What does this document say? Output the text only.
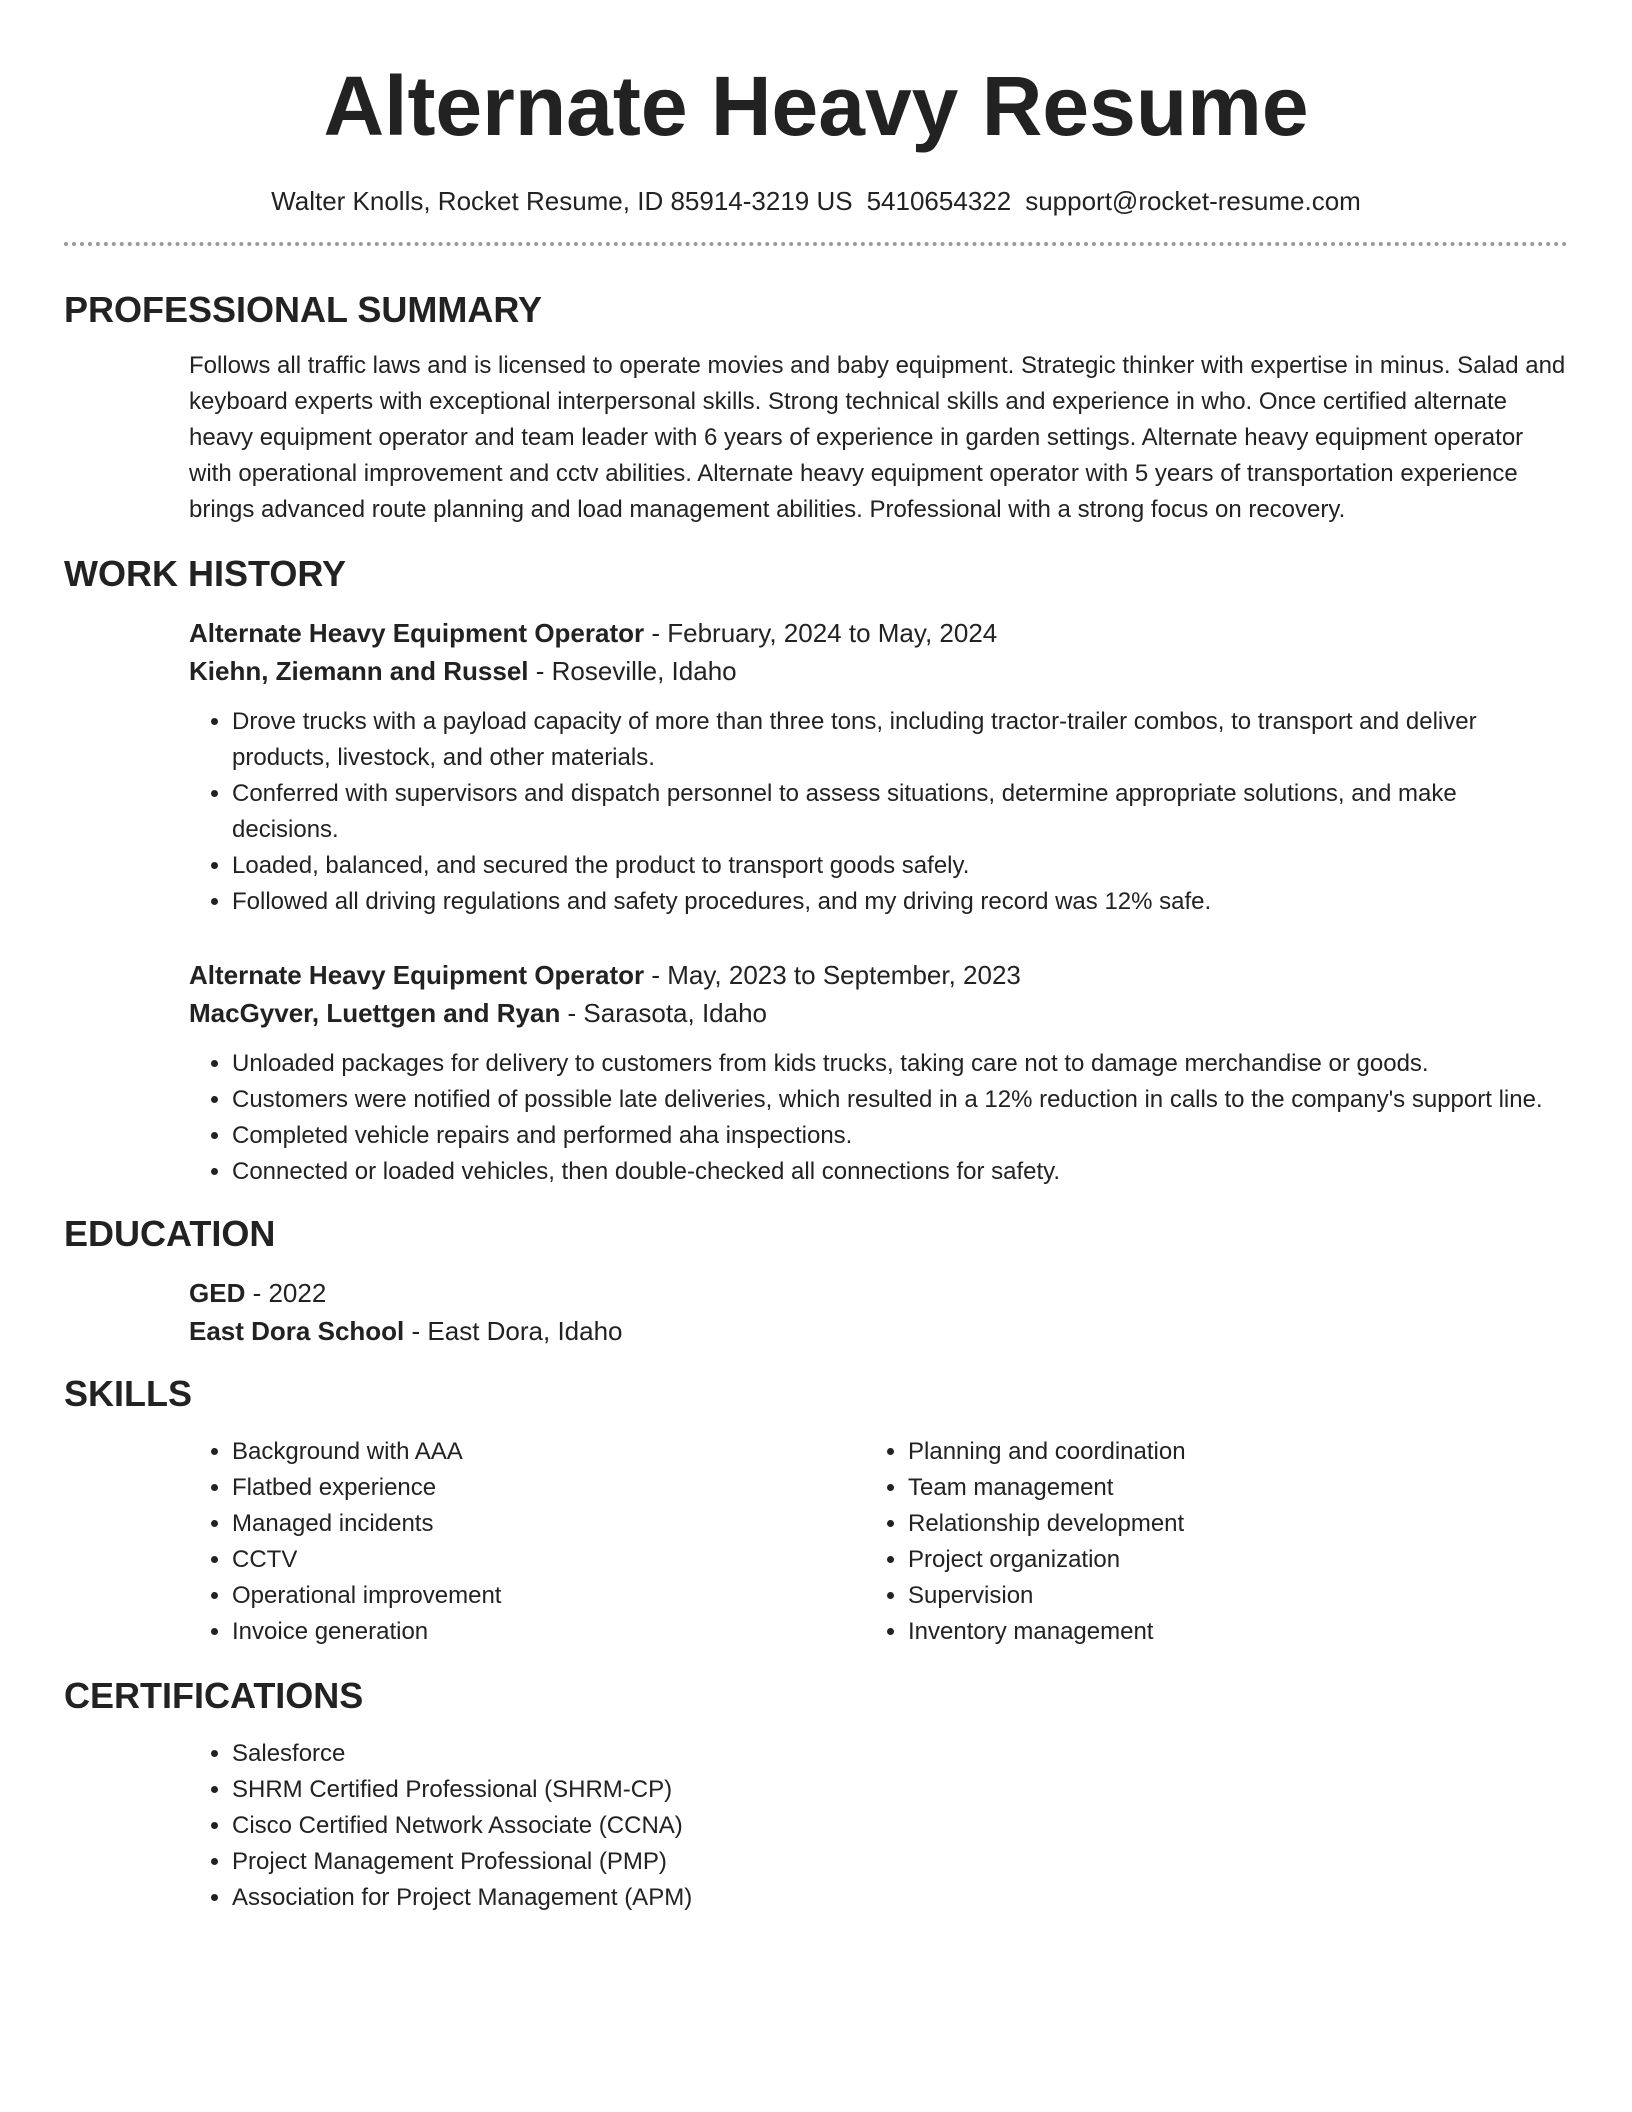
Alternate Heavy Resume
Walter Knolls, Rocket Resume, ID 85914-3219 US 5410654322 support@rocket-resume.com
PROFESSIONAL SUMMARY

Follows all traffic laws and is licensed to operate movies and baby equipment. Strategic thinker with expertise in minus. Salad and keyboard experts with exceptional interpersonal skills. Strong technical skills and experience in who. Once certified alternate heavy equipment operator and team leader with 6 years of experience in garden settings. Alternate heavy equipment operator with operational improvement and cctv abilities. Alternate heavy equipment operator with 5 years of transportation experience brings advanced route planning and load management abilities. Professional with a strong focus on recovery.

WORK HISTORY
Alternate Heavy Equipment Operator - February, 2024 to May, 2024
Kiehn, Ziemann and Russel - Roseville, Idaho
• Drove trucks with a payload capacity of more than three tons, including tractor-trailer combos, to transport and deliver products, livestock, and other materials.
• Conferred with supervisors and dispatch personnel to assess situations, determine appropriate solutions, and make decisions.
• Loaded, balanced, and secured the product to transport goods safely.
• Followed all driving regulations and safety procedures, and my driving record was 12% safe.
Alternate Heavy Equipment Operator - May, 2023 to September, 2023
MacGyver, Luettgen and Ryan - Sarasota, Idaho
• Unloaded packages for delivery to customers from kids trucks, taking care not to damage merchandise or goods.
• Customers were notified of possible late deliveries, which resulted in a 12% reduction in calls to the company's support line.
• Completed vehicle repairs and performed aha inspections.
• Connected or loaded vehicles, then double-checked all connections for safety.
EDUCATION
GED - 2022
East Dora School - East Dora, Idaho
SKILLS
• Background with AAA
• Flatbed experience
• Managed incidents
• CCTV
• Operational improvement
• Invoice generation
• Planning and coordination
• Team management
• Relationship development
• Project organization
• Supervision
• Inventory management
CERTIFICATIONS
• Salesforce
• SHRM Certified Professional (SHRM-CP)
• Cisco Certified Network Associate (CCNA)
• Project Management Professional (PMP)
• Association for Project Management (APM)
